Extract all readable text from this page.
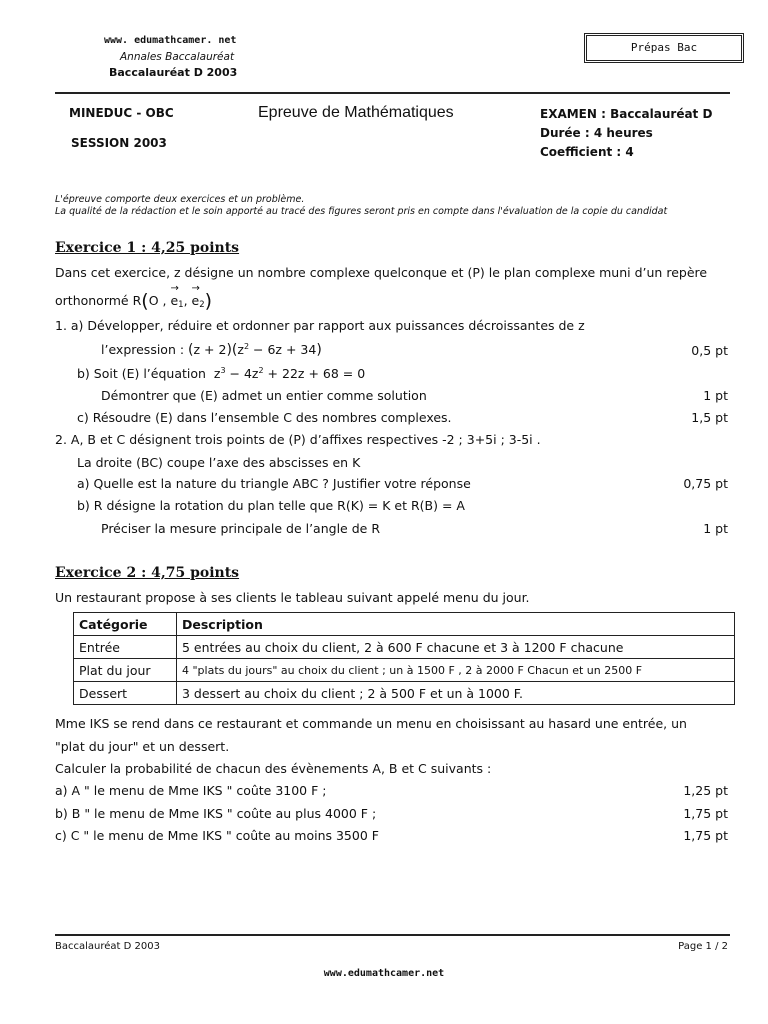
www. edumathcamer. net
Annales Baccalauréat
Baccalauréat D 2003
Prépas Bac
MINEDUC - OBC
SESSION 2003
Epreuve de Mathématiques	EXAMEN : Baccalauréat D
Durée : 4 heures
Coefficient : 4
L'épreuve comporte deux exercices et un problème.
La qualité de la rédaction et le soin apporté au tracé des figures seront pris en compte dans l'évaluation de la copie du candidat
Exercice 1 : 4,25 points
Dans cet exercice, z désigne un nombre complexe quelconque et (P) le plan complexe muni d’un repère
orthonormé R(O , → $e_1$, → $e_2$)
1. a) Développer, réduire et ordonner par rapport aux puissances décroissantes de z
l’expression : $(z + 2)(z^2 - 6z + 34)$	0,5 pt
b) Soit (E) l’équation  $z^3 - 4z^2 + 22z + 68 = 0$
Démontrer que (E) admet un entier comme solution	1 pt
c) Résoudre (E) dans l’ensemble C des nombres complexes.	1,5 pt
2. A, B et C désignent trois points de (P) d’affixes respectives -2 ; 3+5i ; 3-5i .
La droite (BC) coupe l’axe des abscisses en K
a) Quelle est la nature du triangle ABC ? Justifier votre réponse	0,75 pt
b) R désigne la rotation du plan telle que R(K) = K et R(B) = A
Préciser la mesure principale de l’angle de R	1 pt
Exercice 2 : 4,75 points
Un restaurant propose à ses clients le tableau suivant appelé menu du jour.
Catégorie	Description
Entrée	5 entrées au choix du client, 2 à 600 F chacune et 3 à 1200 F chacune
Plat du jour	4 "plats du jours" au choix du client ; un à 1500 F , 2 à 2000 F Chacun et un 2500 F
Dessert	3 dessert au choix du client ; 2 à 500 F et un à 1000 F.
Mme IKS se rend dans ce restaurant et commande un menu en choisissant au hasard une entrée, un
"plat du jour" et un dessert.
Calculer la probabilité de chacun des évènements A, B et C suivants :
a) A " le menu de Mme IKS " coûte 3100 F ;	1,25 pt
b) B " le menu de Mme IKS " coûte au plus 4000 F ;	1,75 pt
c) C " le menu de Mme IKS " coûte au moins 3500 F	1,75 pt
Baccalauréat D 2003	Page 1 / 2
www.edumathcamer.net
